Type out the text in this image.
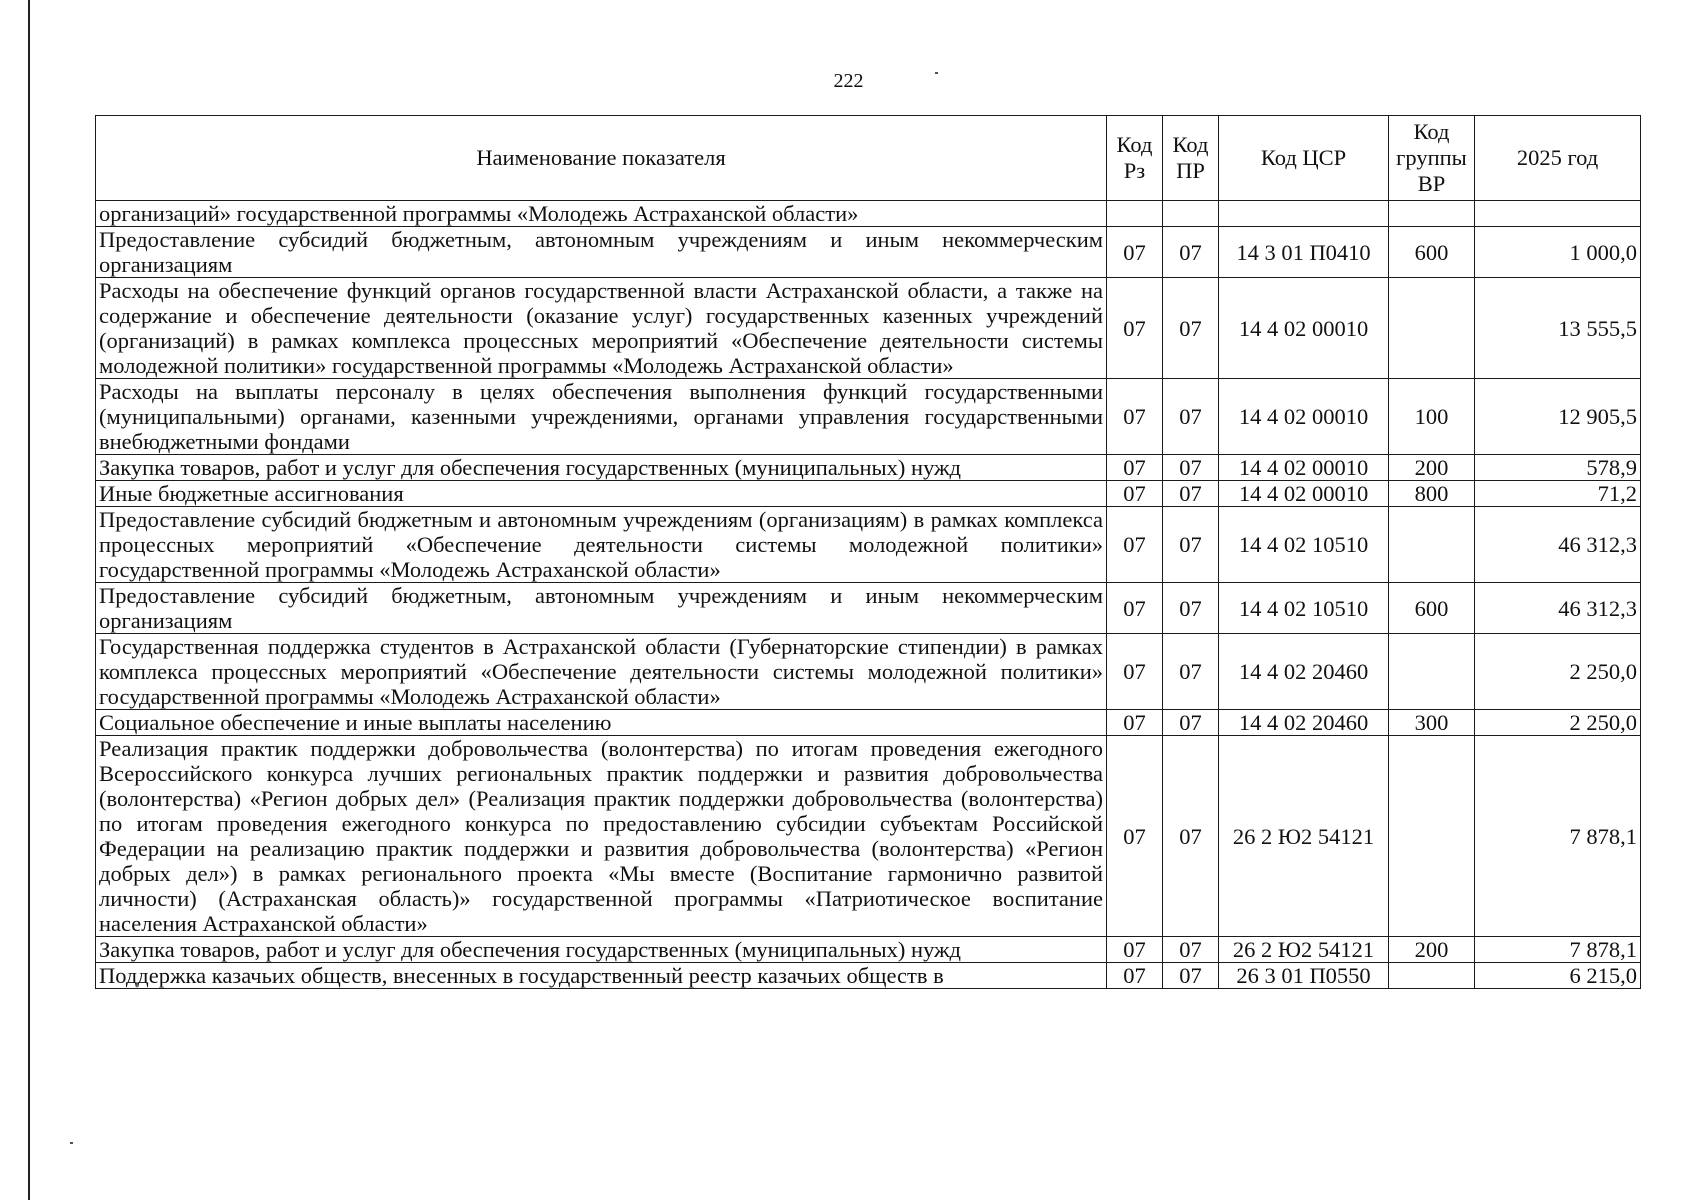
222
Наименование показателя	Код Рз	Код ПР	Код ЦСР	Код группы ВР	2025 год
организаций» государственной программы «Молодежь Астраханской области»					
Предоставление субсидий бюджетным, автономным учреждениям и иным некоммерческим организациям	07	07	14 3 01 П0410	600	1 000,0
Расходы на обеспечение функций органов государственной власти Астраханской области, а также на содержание и обеспечение деятельности (оказание услуг) государственных казенных учреждений (организаций) в рамках комплекса процессных мероприятий «Обеспечение деятельности системы молодежной политики» государственной программы «Молодежь Астраханской области»	07	07	14 4 02 00010		13 555,5
Расходы на выплаты персоналу в целях обеспечения выполнения функций государственными (муниципальными) органами, казенными учреждениями, органами управления государственными внебюджетными фондами	07	07	14 4 02 00010	100	12 905,5
Закупка товаров, работ и услуг для обеспечения государственных (муниципальных) нужд	07	07	14 4 02 00010	200	578,9
Иные бюджетные ассигнования	07	07	14 4 02 00010	800	71,2
Предоставление субсидий бюджетным и автономным учреждениям (организациям) в рамках комплекса процессных мероприятий «Обеспечение деятельности системы молодежной политики» государственной программы «Молодежь Астраханской области»	07	07	14 4 02 10510		46 312,3
Предоставление субсидий бюджетным, автономным учреждениям и иным некоммерческим организациям	07	07	14 4 02 10510	600	46 312,3
Государственная поддержка студентов в Астраханской области (Губернаторские стипендии) в рамках комплекса процессных мероприятий «Обеспечение деятельности системы молодежной политики» государственной программы «Молодежь Астраханской области»	07	07	14 4 02 20460		2 250,0
Социальное обеспечение и иные выплаты населению	07	07	14 4 02 20460	300	2 250,0
Реализация практик поддержки добровольчества (волонтерства) по итогам проведения ежегодного Всероссийского конкурса лучших региональных практик поддержки и развития добровольчества (волонтерства) «Регион добрых дел» (Реализация практик поддержки добровольчества (волонтерства) по итогам проведения ежегодного конкурса по предоставлению субсидии субъектам Российской Федерации на реализацию практик поддержки и развития добровольчества (волонтерства) «Регион добрых дел») в рамках регионального проекта «Мы вместе (Воспитание гармонично развитой личности) (Астраханская область)» государственной программы «Патриотическое воспитание населения Астраханской области»	07	07	26 2 Ю2 54121		7 878,1
Закупка товаров, работ и услуг для обеспечения государственных (муниципальных) нужд	07	07	26 2 Ю2 54121	200	7 878,1
Поддержка казачьих обществ, внесенных в государственный реестр казачьих обществ в	07	07	26 3 01 П0550		6 215,0
